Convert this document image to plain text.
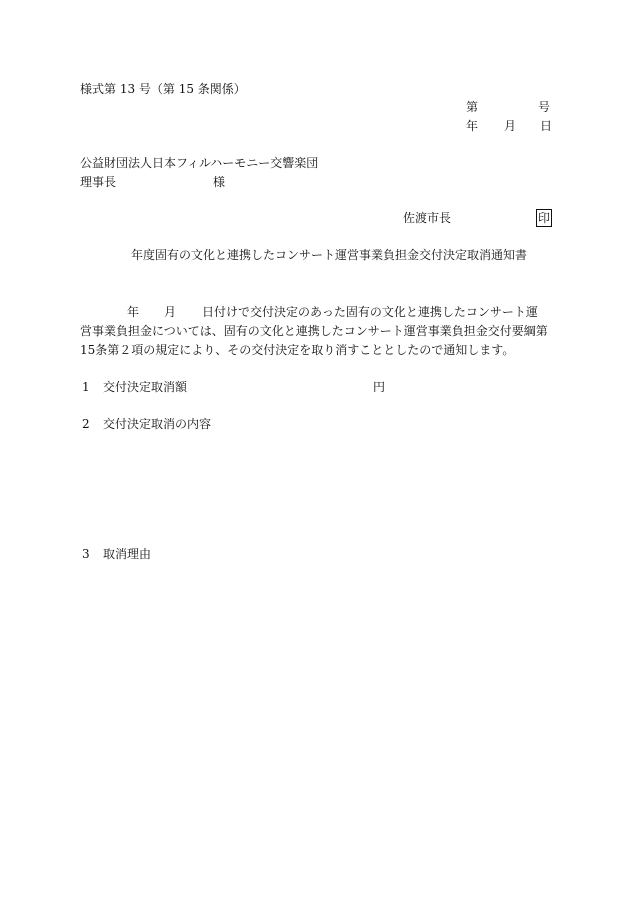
様式第 13 号（第 15 条関係）
第	号
年 月 日
公益財団法人日本フィルハーモニー交響楽団
理事長	様
佐渡市長	印
年度固有の文化と連携したコンサート運営事業負担金交付決定取消通知書
年 月 日付けで交付決定のあった固有の文化と連携したコンサート運
営事業負担金については、固有の文化と連携したコンサート運営事業負担金交付要綱第
15条第２項の規定により、その交付決定を取り消すこととしたので通知します。
1 交付決定取消額	円
2 交付決定取消の内容
3 取消理由
